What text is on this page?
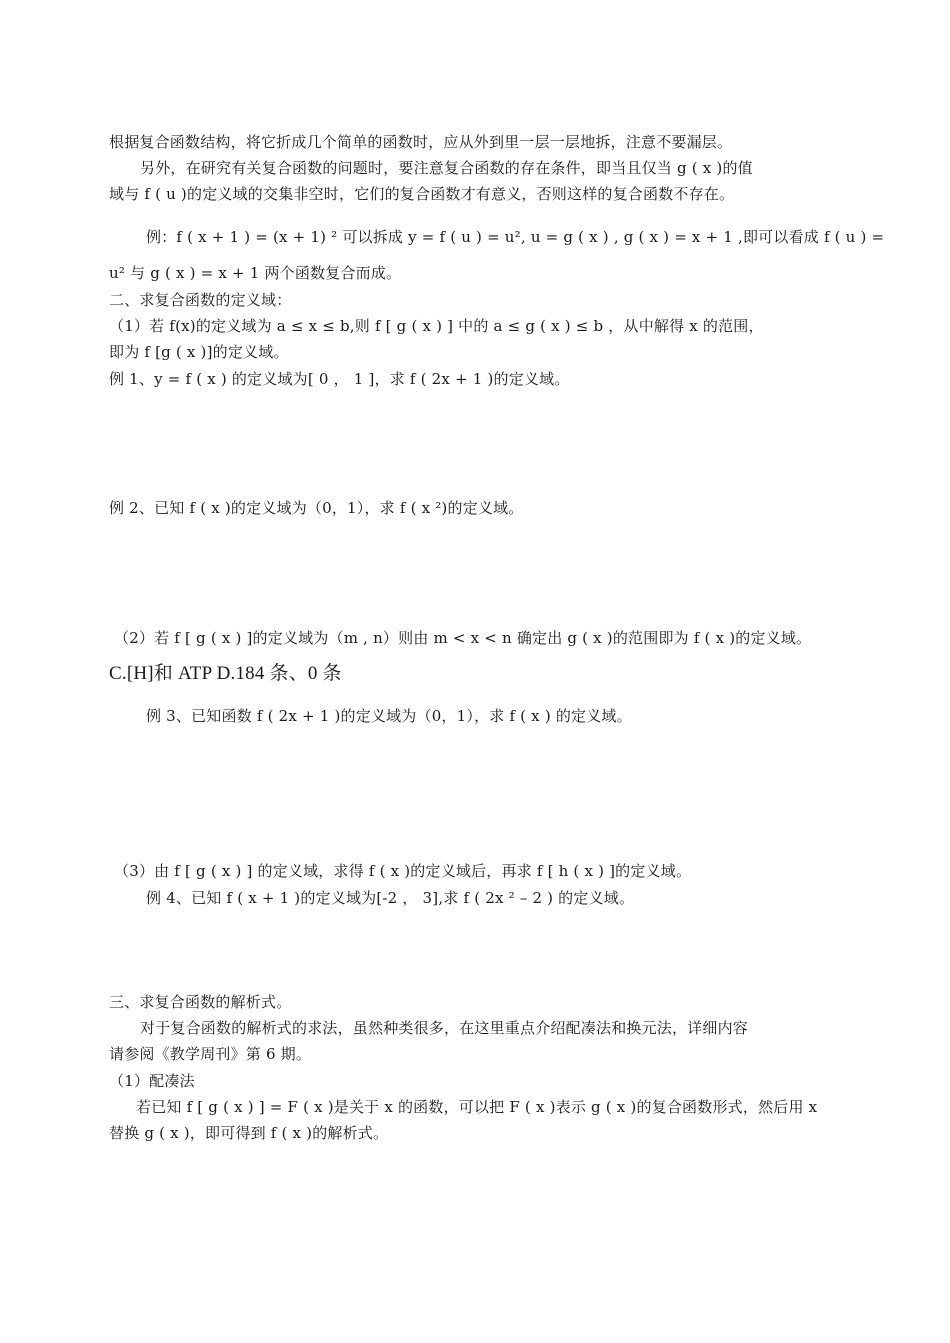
根据复合函数结构，将它折成几个简单的函数时，应从外到里一层一层地拆，注意不要漏层。
另外，在研究有关复合函数的问题时，要注意复合函数的存在条件，即当且仅当 g ( x )的值
域与 f ( u )的定义域的交集非空时，它们的复合函数才有意义，否则这样的复合函数不存在。
例：f ( x + 1 ) = (x + 1) ² 可以拆成 y = f ( u ) = u², u = g ( x ) , g ( x ) = x + 1 ,即可以看成 f ( u ) =
u² 与 g ( x ) = x + 1 两个函数复合而成。
二、求复合函数的定义域：
（1）若 f(x)的定义域为 a ≤ x ≤ b,则 f [ g ( x ) ] 中的 a ≤ g ( x ) ≤ b ，从中解得 x 的范围，
即为 f [g ( x )]的定义域。
例 1、y = f ( x ) 的定义域为[ 0 ， 1 ]，求 f ( 2x + 1 )的定义域。
例 2、已知 f ( x )的定义域为（0，1），求 f ( x ²)的定义域。
（2）若 f [ g ( x ) ]的定义域为（m , n）则由 m < x < n 确定出 g ( x )的范围即为 f ( x )的定义域。
C.[H]和 ATP D.184 条、0 条
例 3、已知函数 f ( 2x + 1 )的定义域为（0，1），求 f ( x ) 的定义域。
（3）由 f [ g ( x ) ] 的定义域，求得 f ( x )的定义域后，再求 f [ h ( x ) ]的定义域。
例 4、已知 f ( x + 1 )的定义域为[-2 ， 3],求 f ( 2x ² – 2 ) 的定义域。
三、求复合函数的解析式。
对于复合函数的解析式的求法，虽然种类很多，在这里重点介绍配凑法和换元法，详细内容
请参阅《教学周刊》第 6 期。
（1）配凑法
若已知 f [ g ( x ) ] = F ( x )是关于 x 的函数，可以把 F ( x )表示 g ( x )的复合函数形式，然后用 x
替换 g ( x )，即可得到 f ( x )的解析式。
